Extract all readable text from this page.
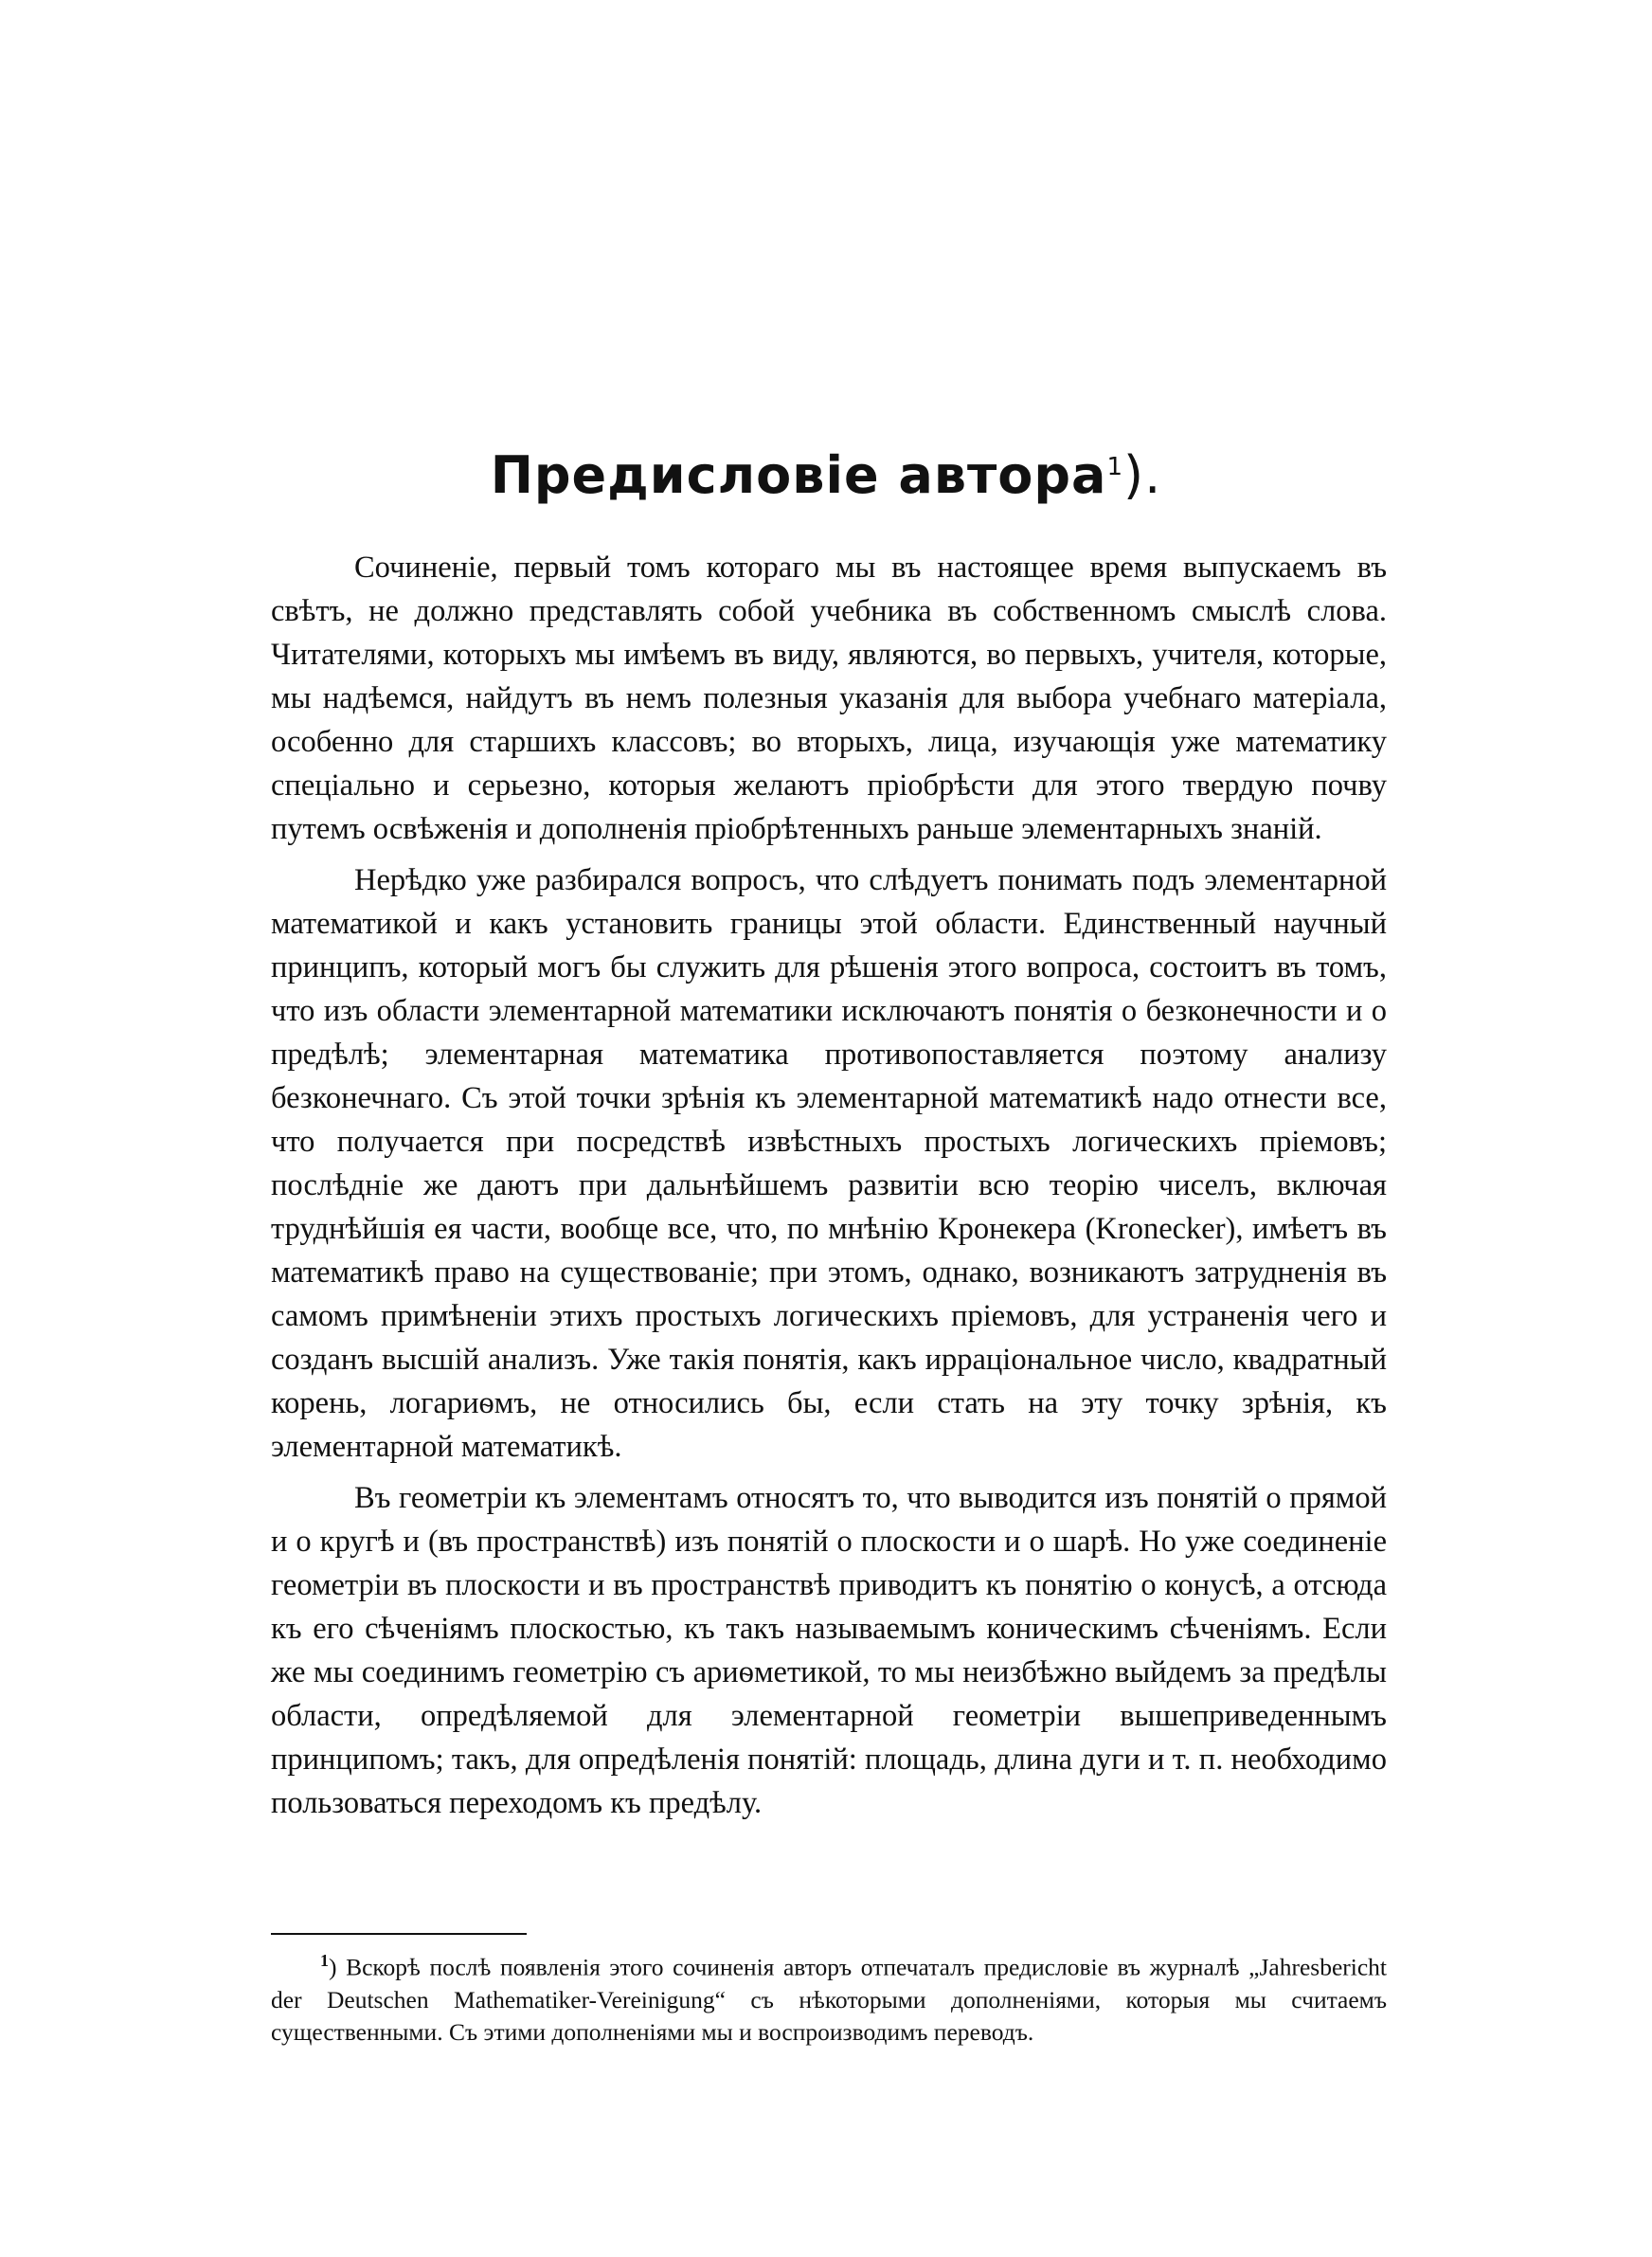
Предисловіе автора$^1$).

Сочиненіе, первый томъ котораго мы въ настоящее время выпускаемъ въ свѣтъ, не должно представлять собой учебника въ собственномъ смыслѣ слова. Читателями, которыхъ мы имѣемъ въ виду, являются, во первыхъ, учителя, которые, мы надѣемся, найдутъ въ немъ полезныя указанія для выбора учебнаго матеріала, особенно для старшихъ классовъ; во вторыхъ, лица, изучающія уже математику спеціально и серьезно, которыя желаютъ пріобрѣсти для этого твердую почву путемъ освѣженія и дополненія пріобрѣтенныхъ раньше элементарныхъ знаній.

Нерѣдко уже разбирался вопросъ, что слѣдуетъ понимать подъ элементарной математикой и какъ установить границы этой области. Единственный научный принципъ, который могъ бы служить для рѣшенія этого вопроса, состоитъ въ томъ, что изъ области элементарной математики исключаютъ понятія о безконечности и о предѣлѣ; элементарная математика противопоставляется поэтому анализу безконечнаго. Съ этой точки зрѣнія къ элементарной математикѣ надо отнести все, что получается при посредствѣ извѣстныхъ простыхъ логическихъ пріемовъ; послѣдніе же даютъ при дальнѣйшемъ развитіи всю теорію чиселъ, включая труднѣйшія ея части, вообще все, что, по мнѣнію Кронекера (Kronecker), имѣетъ въ математикѣ право на существованіе; при этомъ, однако, возникаютъ затрудненія въ самомъ примѣненіи этихъ простыхъ логическихъ пріемовъ, для устраненія чего и созданъ высшій анализъ. Уже такія понятія, какъ ирраціональное число, квадратный корень, логариѳмъ, не относились бы, если стать на эту точку зрѣнія, къ элементарной математикѣ.

Въ геометріи къ элементамъ относятъ то, что выводится изъ понятій о прямой и о кругѣ и (въ пространствѣ) изъ понятій о плоскости и о шарѣ. Но уже соединеніе геометріи въ плоскости и въ пространствѣ приводитъ къ понятію о конусѣ, а отсюда къ его сѣченіямъ плоскостью, къ такъ называемымъ коническимъ сѣченіямъ. Если же мы соединимъ геометрію съ ариѳметикой, то мы неизбѣжно выйдемъ за предѣлы области, опредѣляемой для элементарной геометріи вышеприведеннымъ принципомъ; такъ, для опредѣленія понятій: площадь, длина дуги и т. п. необходимо пользоваться переходомъ къ предѣлу.

$^1$) Вскорѣ послѣ появленія этого сочиненія авторъ отпечаталъ предисловіе въ журналѣ „Jahresbericht der Deutschen Mathematiker-Vereinigung“ съ нѣкоторыми дополненіями, которыя мы считаемъ существенными. Съ этими дополненіями мы и воспроизводимъ переводъ.
